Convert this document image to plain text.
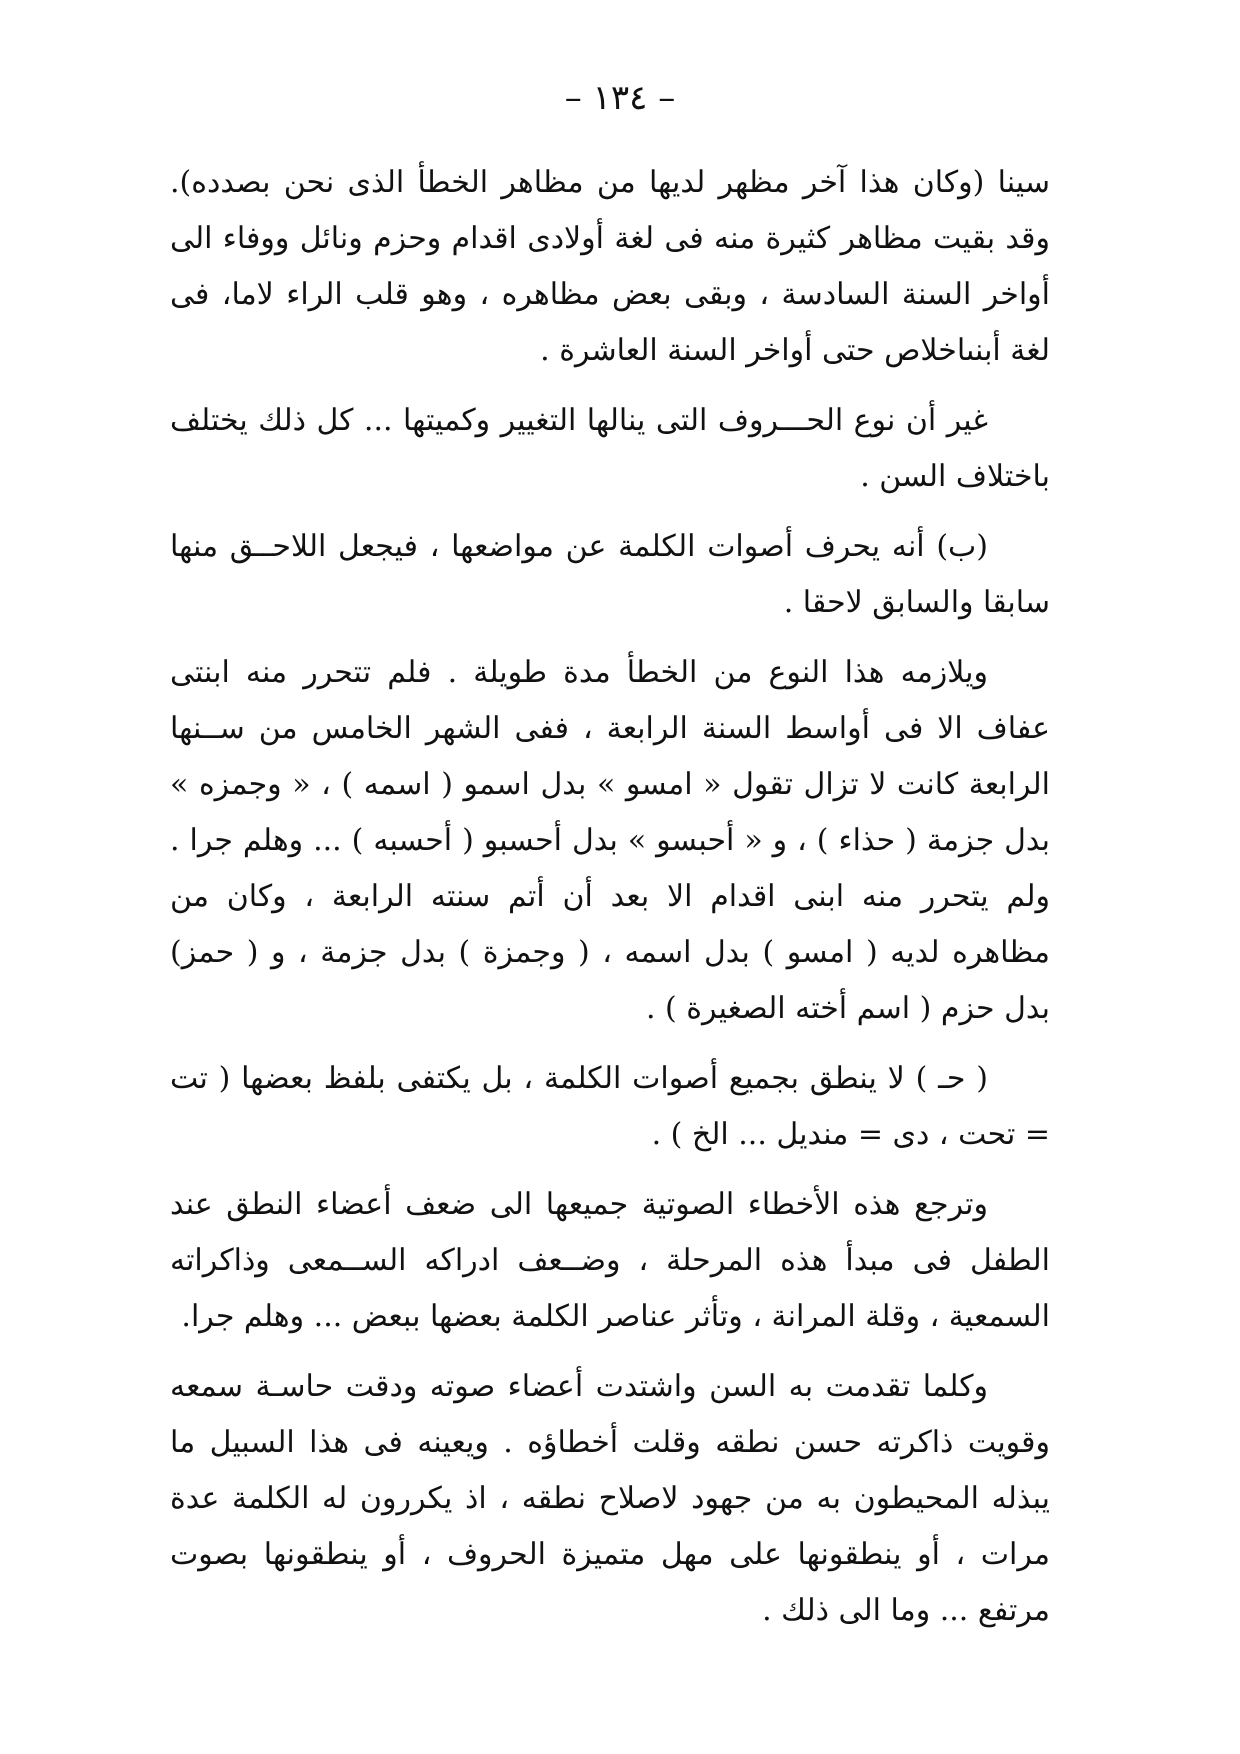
– ١٣٤ –

سينا (وكان هذا آخر مظهر لديها من مظاهر الخطأ الذى نحن بصدده). وقد بقيت مظاهر كثيرة منه فى لغة أولادى اقدام وحزم ونائل ووفاء الى أواخر السنة السادسة ، وبقى بعض مظاهره ، وهو قلب الراء لاما، فى لغة أبنىاخلاص حتى أواخر السنة العاشرة .

غير أن نوع الحـــروف التى ينالها التغيير وكميتها ... كل ذلك يختلف باختلاف السن .

(ب) أنه يحرف أصوات الكلمة عن مواضعها ، فيجعل اللاحــق منها سابقا والسابق لاحقا .

ويلازمه هذا النوع من الخطأ مدة طويلة . فلم تتحرر منه ابنتى عفاف الا فى أواسط السنة الرابعة ، ففى الشهر الخامس من ســنها الرابعة كانت لا تزال تقول « امسو » بدل اسمو ( اسمه ) ، « وجمزه » بدل جزمة ( حذاء ) ، و « أحبسو » بدل أحسبو ( أحسبه ) ... وهلم جرا . ولم يتحرر منه ابنى اقدام الا بعد أن أتم سنته الرابعة ، وكان من مظاهره لديه ( امسو ) بدل اسمه ، ( وجمزة ) بدل جزمة ، و ( حمز) بدل حزم ( اسم أخته الصغيرة ) .

( حـ ) لا ينطق بجميع أصوات الكلمة ، بل يكتفى بلفظ بعضها ( تت = تحت ، دى = منديل ... الخ ) .

وترجع هذه الأخطاء الصوتية جميعها الى ضعف أعضاء النطق عند الطفل فى مبدأ هذه المرحلة ، وضــعف ادراكه الســمعى وذاكراته السمعية ، وقلة المرانة ، وتأثر عناصر الكلمة بعضها ببعض ... وهلم جرا.

وكلما تقدمت به السن واشتدت أعضاء صوته ودقت حاسـة سمعه وقويت ذاكرته حسن نطقه وقلت أخطاؤه . ويعينه فى هذا السبيل ما يبذله المحيطون به من جهود لاصلاح نطقه ، اذ يكررون له الكلمة عدة مرات ، أو ينطقونها على مهل متميزة الحروف ، أو ينطقونها بصوت مرتفع ... وما الى ذلك .
